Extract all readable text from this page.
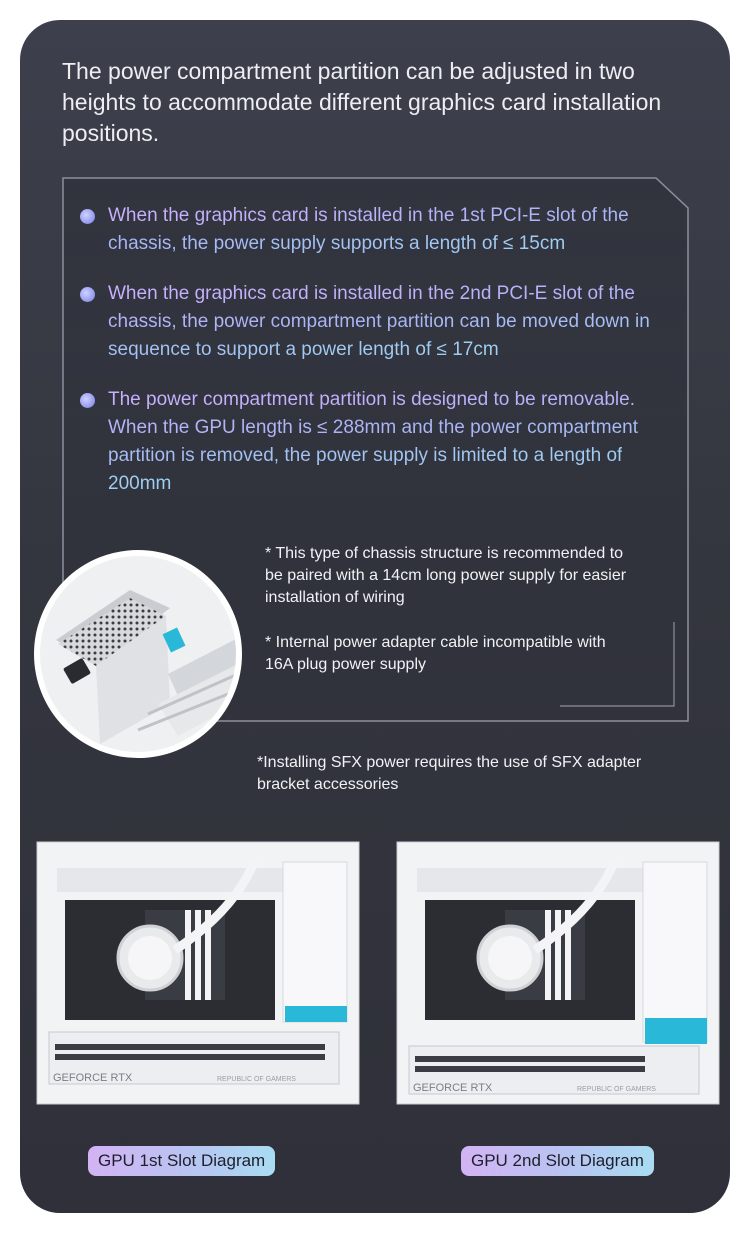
The power compartment partition can be adjusted in two heights to accommodate different graphics card installation positions.
When the graphics card is installed in the 1st PCI-E slot of the chassis, the power supply supports a length of ≤ 15cm
When the graphics card is installed in the 2nd PCI-E slot of the chassis, the power compartment partition can be moved down in sequence to support a power length of ≤ 17cm
The power compartment partition is designed to be removable. When the GPU length is ≤ 288mm and the power compartment partition is removed, the power supply is limited to a length of 200mm
* This type of chassis structure is recommended to be paired with a 14cm long power supply for easier installation of wiring
* Internal power adapter cable incompatible with 16A plug power supply
*Installing SFX power requires the use of SFX adapter bracket accessories
GEFORCE RTX	REPUBLIC OF GAMERS
GEFORCE RTX	REPUBLIC OF GAMERS
GPU 1st Slot Diagram	GPU 2nd Slot Diagram
